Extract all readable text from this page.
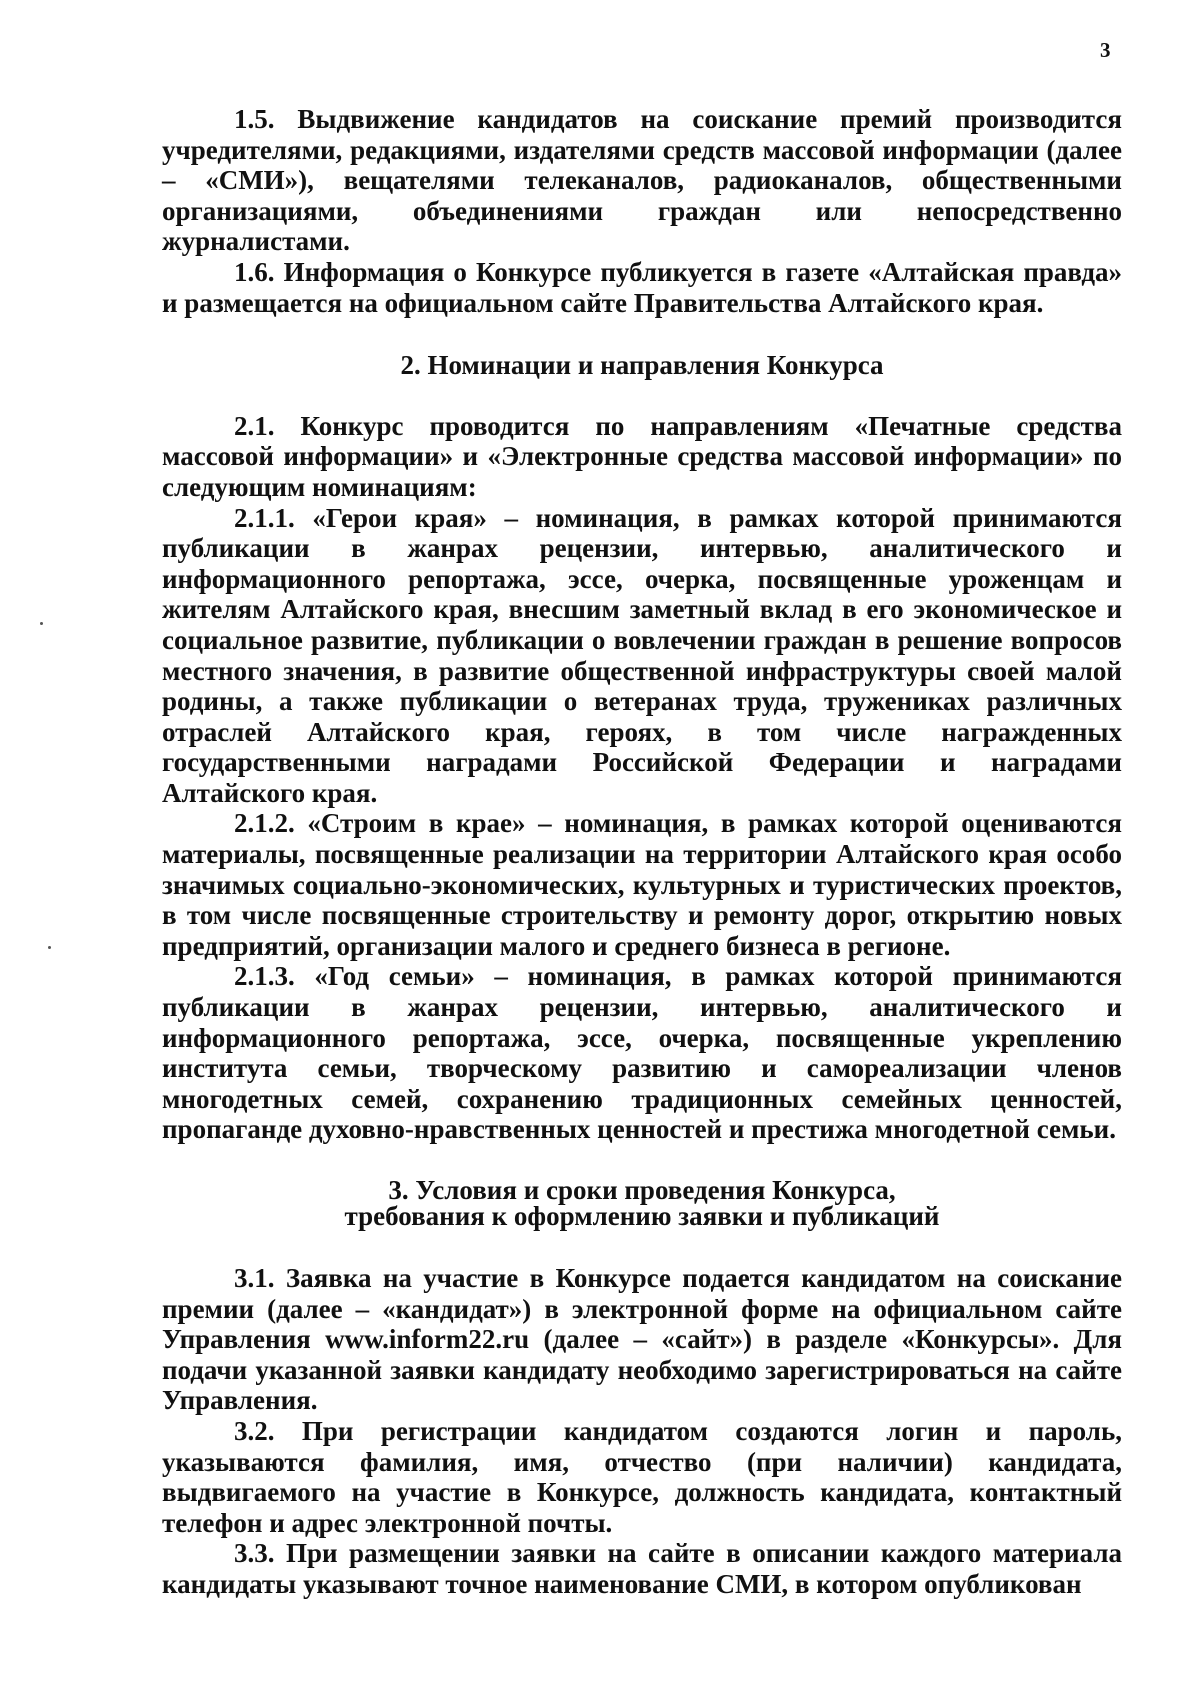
3

1.5. Выдвижение кандидатов на соискание премий производится учредителями, редакциями, издателями средств массовой информации (далее – «СМИ»), вещателями телеканалов, радиоканалов, общественными организациями, объединениями граждан или непосредственно журналистами.

1.6. Информация о Конкурсе публикуется в газете «Алтайская правда» и размещается на официальном сайте Правительства Алтайского края.

2. Номинации и направления Конкурса

2.1. Конкурс проводится по направлениям «Печатные средства массовой информации» и «Электронные средства массовой информации» по следующим номинациям:

2.1.1. «Герои края» – номинация, в рамках которой принимаются публикации в жанрах рецензии, интервью, аналитического и информационного репортажа, эссе, очерка, посвященные уроженцам и жителям Алтайского края, внесшим заметный вклад в его экономическое и социальное развитие, публикации о вовлечении граждан в решение вопросов местного значения, в развитие общественной инфраструктуры своей малой родины, а также публикации о ветеранах труда, тружениках различных отраслей Алтайского края, героях, в том числе награжденных государственными наградами Российской Федерации и наградами Алтайского края.

2.1.2. «Строим в крае» – номинация, в рамках которой оцениваются материалы, посвященные реализации на территории Алтайского края особо значимых социально-экономических, культурных и туристических проектов, в том числе посвященные строительству и ремонту дорог, открытию новых предприятий, организации малого и среднего бизнеса в регионе.

2.1.3. «Год семьи» – номинация, в рамках которой принимаются публикации в жанрах рецензии, интервью, аналитического и информационного репортажа, эссе, очерка, посвященные укреплению института семьи, творческому развитию и самореализации членов многодетных семей, сохранению традиционных семейных ценностей, пропаганде духовно-нравственных ценностей и престижа многодетной семьи.

3. Условия и сроки проведения Конкурса,
требования к оформлению заявки и публикаций

3.1. Заявка на участие в Конкурсе подается кандидатом на соискание премии (далее – «кандидат») в электронной форме на официальном сайте Управления www.inform22.ru (далее – «сайт») в разделе «Конкурсы». Для подачи указанной заявки кандидату необходимо зарегистрироваться на сайте Управления.

3.2. При регистрации кандидатом создаются логин и пароль, указываются фамилия, имя, отчество (при наличии) кандидата, выдвигаемого на участие в Конкурсе, должность кандидата, контактный телефон и адрес электронной почты.

3.3. При размещении заявки на сайте в описании каждого материала кандидаты указывают точное наименование СМИ, в котором опубликован
